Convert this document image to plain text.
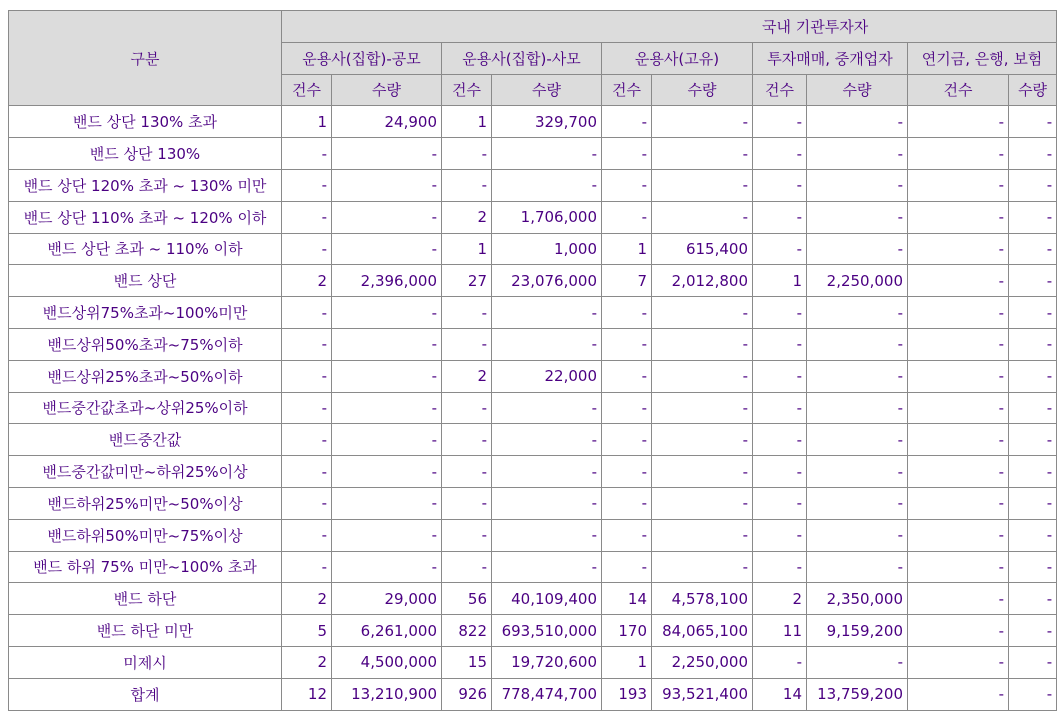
구분	국내 기관투자자									
	운용사(집합)-공모		운용사(집합)-사모		운용사(고유)		투자매매, 중개업자		연기금, 은행, 보험	
	건수	수량	건수	수량	건수	수량	건수	수량	건수	수량
밴드 상단 130% 초과	1	24,900	1	329,700	-	-	-	-	-	-
밴드 상단 130%	-	-	-	-	-	-	-	-	-	-
밴드 상단 120% 초과 ~ 130% 미만	-	-	-	-	-	-	-	-	-	-
밴드 상단 110% 초과 ~ 120% 이하	-	-	2	1,706,000	-	-	-	-	-	-
밴드 상단 초과 ~ 110% 이하	-	-	1	1,000	1	615,400	-	-	-	-
밴드 상단	2	2,396,000	27	23,076,000	7	2,012,800	1	2,250,000	-	-
밴드상위75%초과~100%미만	-	-	-	-	-	-	-	-	-	-
밴드상위50%초과~75%이하	-	-	-	-	-	-	-	-	-	-
밴드상위25%초과~50%이하	-	-	2	22,000	-	-	-	-	-	-
밴드중간값초과~상위25%이하	-	-	-	-	-	-	-	-	-	-
밴드중간값	-	-	-	-	-	-	-	-	-	-
밴드중간값미만~하위25%이상	-	-	-	-	-	-	-	-	-	-
밴드하위25%미만~50%이상	-	-	-	-	-	-	-	-	-	-
밴드하위50%미만~75%이상	-	-	-	-	-	-	-	-	-	-
밴드 하위 75% 미만~100% 초과	-	-	-	-	-	-	-	-	-	-
밴드 하단	2	29,000	56	40,109,400	14	4,578,100	2	2,350,000	-	-
밴드 하단 미만	5	6,261,000	822	693,510,000	170	84,065,100	11	9,159,200	-	-
미제시	2	4,500,000	15	19,720,600	1	2,250,000	-	-	-	-
합계	12	13,210,900	926	778,474,700	193	93,521,400	14	13,759,200	-	-
